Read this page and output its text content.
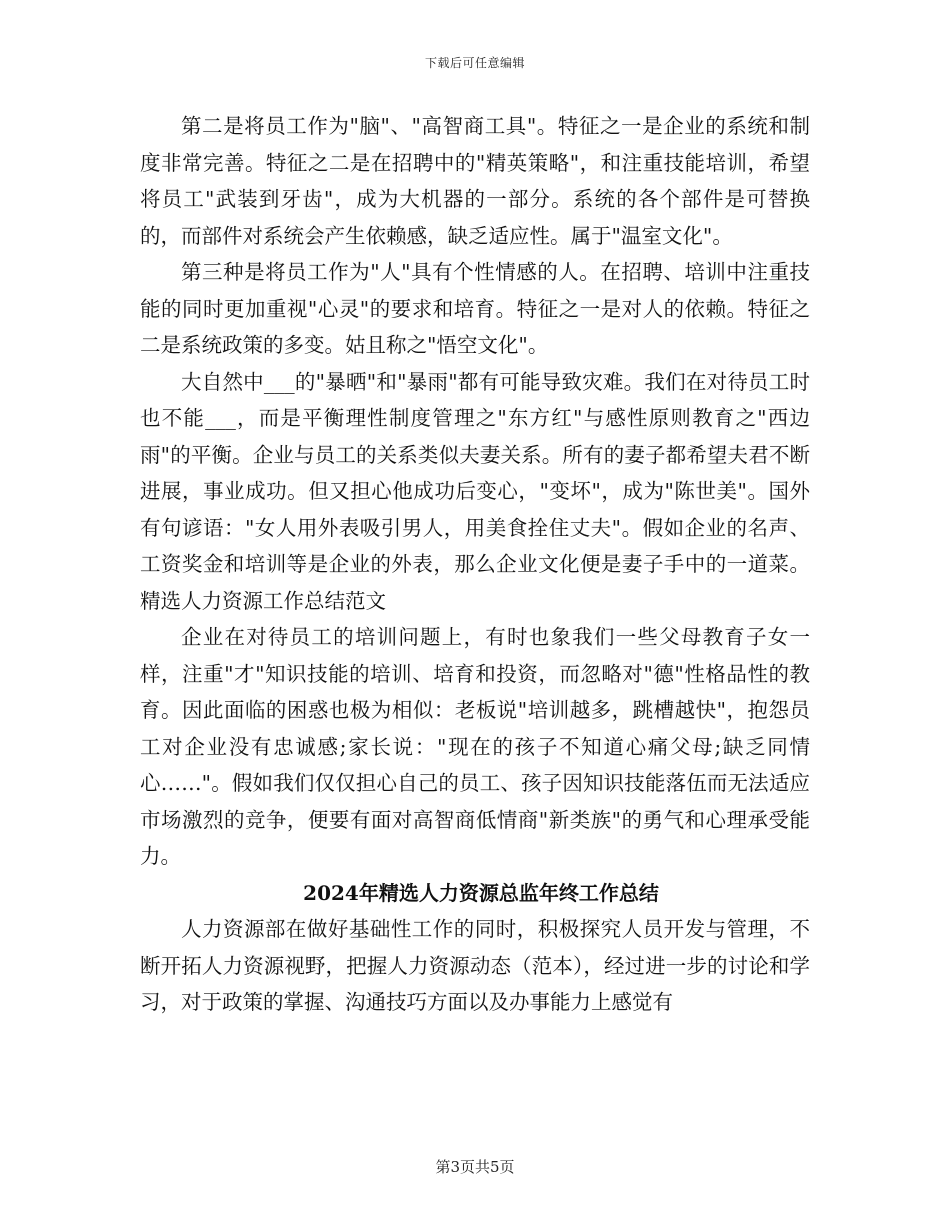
下载后可任意编辑

第二是将员工作为"脑"、"高智商工具"。特征之一是企业的系统和制度非常完善。特征之二是在招聘中的"精英策略"，和注重技能培训，希望将员工"武装到牙齿"，成为大机器的一部分。系统的各个部件是可替换的，而部件对系统会产生依赖感，缺乏适应性。属于"温室文化"。

第三种是将员工作为"人"具有个性情感的人。在招聘、培训中注重技能的同时更加重视"心灵"的要求和培育。特征之一是对人的依赖。特征之二是系统政策的多变。姑且称之"悟空文化"。

大自然中___的"暴晒"和"暴雨"都有可能导致灾难。我们在对待员工时也不能___，而是平衡理性制度管理之"东方红"与感性原则教育之"西边雨"的平衡。企业与员工的关系类似夫妻关系。所有的妻子都希望夫君不断进展，事业成功。但又担心他成功后变心，"变坏"，成为"陈世美"。国外有句谚语："女人用外表吸引男人，用美食拴住丈夫"。假如企业的名声、工资奖金和培训等是企业的外表，那么企业文化便是妻子手中的一道菜。精选人力资源工作总结范文

企业在对待员工的培训问题上，有时也象我们一些父母教育子女一样，注重"才"知识技能的培训、培育和投资，而忽略对"德"性格品性的教育。因此面临的困惑也极为相似：老板说"培训越多，跳槽越快"，抱怨员工对企业没有忠诚感;家长说："现在的孩子不知道心痛父母;缺乏同情心……"。假如我们仅仅担心自己的员工、孩子因知识技能落伍而无法适应市场激烈的竞争，便要有面对高智商低情商"新类族"的勇气和心理承受能力。

2024年精选人力资源总监年终工作总结

人力资源部在做好基础性工作的同时，积极探究人员开发与管理，不断开拓人力资源视野，把握人力资源动态（范本），经过进一步的讨论和学习，对于政策的掌握、沟通技巧方面以及办事能力上感觉有

第3页共5页
